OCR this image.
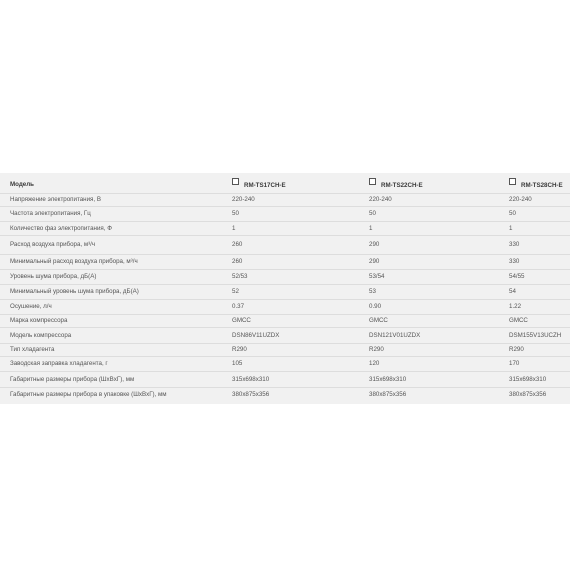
Модель	RM-TS17CH-E	RM-TS22CH-E	RM-TS28CH-E

Напряжение электропитания, В	220-240	220-240	220-240
Частота электропитания, Гц	50	50	50
Количество фаз электропитания, Ф	1	1	1
Расход воздуха прибора, м³/ч	260	290	330
Минимальный расход воздуха прибора, м³/ч	260	290	330
Уровень шума прибора, дБ(А)	52/53	53/54	54/55
Минимальный уровень шума прибора, дБ(А)	52	53	54
Осушение, л/ч	0.37	0.90	1.22
Марка компрессора	GMCC	GMCC	GMCC
Модель компрессора	DSN86V11UZDX	DSN121V01UZDX	DSM155V13UCZH
Тип хладагента	R290	R290	R290
Заводская заправка хладагента, г	105	120	170
Габаритные размеры прибора (ШxВxГ), мм	315x698x310	315x698x310	315x698x310
Габаритные размеры прибора в упаковке (ШxВxГ), мм	380x875x356	380x875x356	380x875x356
